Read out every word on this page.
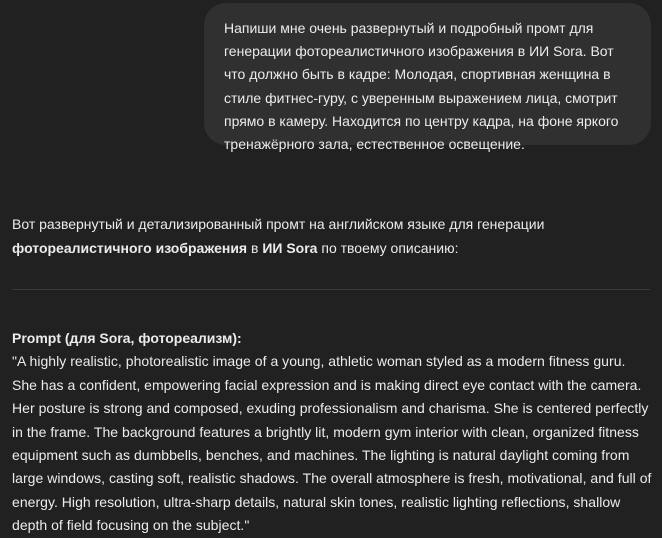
Напиши мне очень развернутый и подробный промт для генерации фотореалистичного изображения в ИИ Sora. Вот что должно быть в кадре: Молодая, спортивная женщина в стиле фитнес-гуру, с уверенным выражением лица, смотрит прямо в камеру. Находится по центру кадра, на фоне яркого тренажёрного зала, естественное освещение.

Вот развернутый и детализированный промт на английском языке для генерации фотореалистичного изображения в ИИ Sora по твоему описанию:

Prompt (для Sora, фотореализм):
"A highly realistic, photorealistic image of a young, athletic woman styled as a modern fitness guru. She has a confident, empowering facial expression and is making direct eye contact with the camera. Her posture is strong and composed, exuding professionalism and charisma. She is centered perfectly in the frame. The background features a brightly lit, modern gym interior with clean, organized fitness equipment such as dumbbells, benches, and machines. The lighting is natural daylight coming from large windows, casting soft, realistic shadows. The overall atmosphere is fresh, motivational, and full of energy. High resolution, ultra-sharp details, natural skin tones, realistic lighting reflections, shallow depth of field focusing on the subject."
